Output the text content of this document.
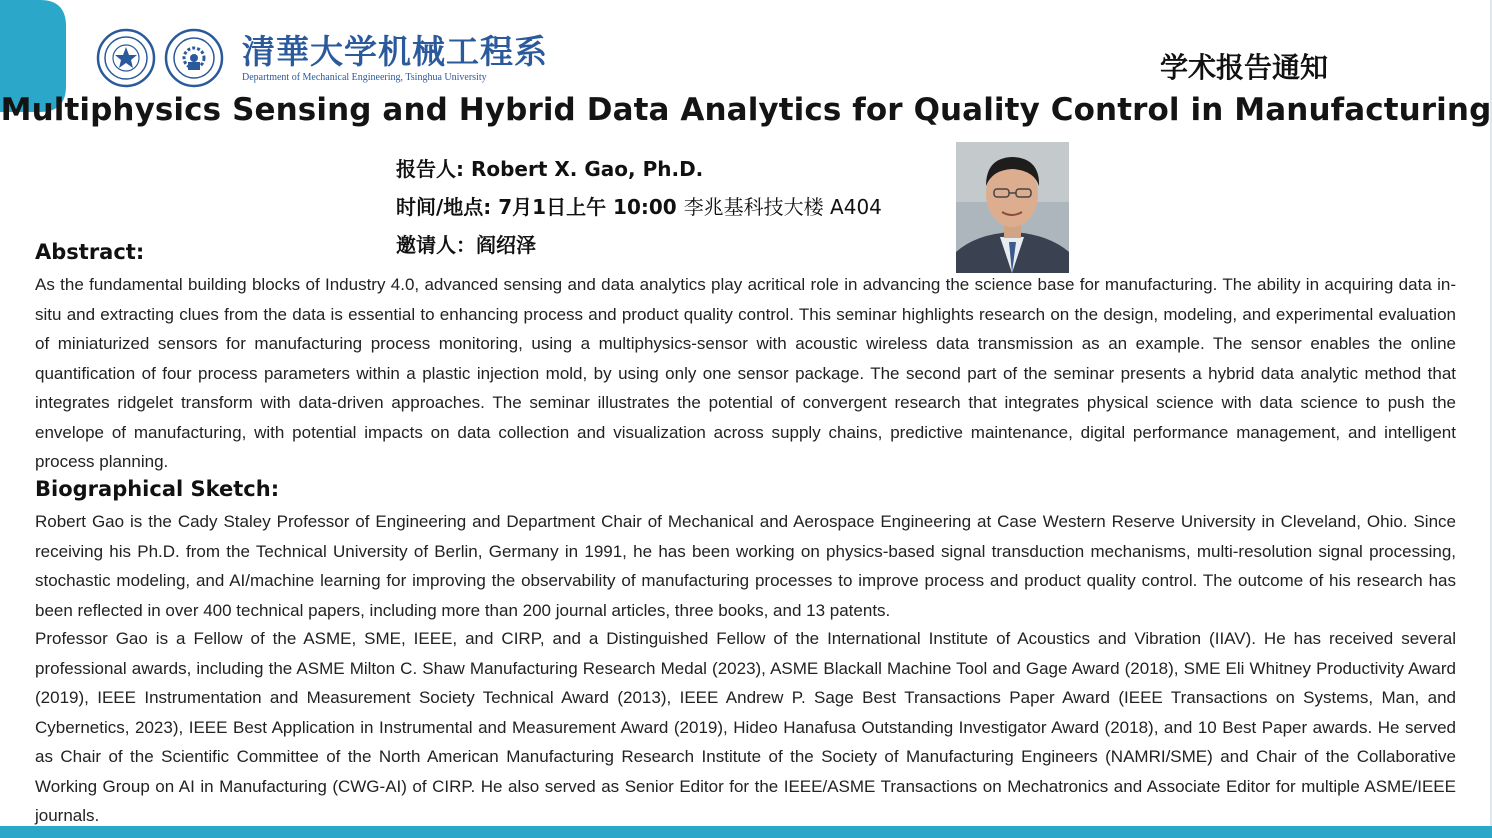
清華大学机械工程系
Department of Mechanical Engineering, Tsinghua University	学术报告通知
Multiphysics Sensing and Hybrid Data Analytics for Quality Control in Manufacturing
报告人: Robert X. Gao, Ph.D.
时间/地点: 7月1日上午 10:00 李兆基科技大楼 A404
邀请人：阎绍泽
Abstract:
As the fundamental building blocks of Industry 4.0, advanced sensing and data analytics play acritical role in advancing the science base for manufacturing. The ability in acquiring data in-situ and extracting clues from the data is essential to enhancing process and product quality control. This seminar highlights research on the design, modeling, and experimental evaluation of miniaturized sensors for manufacturing process monitoring, using a multiphysics-sensor with acoustic wireless data transmission as an example. The sensor enables the online quantification of four process parameters within a plastic injection mold, by using only one sensor package. The second part of the seminar presents a hybrid data analytic method that integrates ridgelet transform with data-driven approaches. The seminar illustrates the potential of convergent research that integrates physical science with data science to push the envelope of manufacturing, with potential impacts on data collection and visualization across supply chains, predictive maintenance, digital performance management, and intelligent process planning.
Biographical Sketch:
Robert Gao is the Cady Staley Professor of Engineering and Department Chair of Mechanical and Aerospace Engineering at Case Western Reserve University in Cleveland, Ohio. Since receiving his Ph.D. from the Technical University of Berlin, Germany in 1991, he has been working on physics-based signal transduction mechanisms, multi-resolution signal processing, stochastic modeling, and AI/machine learning for improving the observability of manufacturing processes to improve process and product quality control. The outcome of his research has been reflected in over 400 technical papers, including more than 200 journal articles, three books, and 13 patents.
Professor Gao is a Fellow of the ASME, SME, IEEE, and CIRP, and a Distinguished Fellow of the International Institute of Acoustics and Vibration (IIAV). He has received several professional awards, including the ASME Milton C. Shaw Manufacturing Research Medal (2023), ASME Blackall Machine Tool and Gage Award (2018), SME Eli Whitney Productivity Award (2019), IEEE Instrumentation and Measurement Society Technical Award (2013), IEEE Andrew P. Sage Best Transactions Paper Award (IEEE Transactions on Systems, Man, and Cybernetics, 2023), IEEE Best Application in Instrumental and Measurement Award (2019), Hideo Hanafusa Outstanding Investigator Award (2018), and 10 Best Paper awards. He served as Chair of the Scientific Committee of the North American Manufacturing Research Institute of the Society of Manufacturing Engineers (NAMRI/SME) and Chair of the Collaborative Working Group on AI in Manufacturing (CWG-AI) of CIRP. He also served as Senior Editor for the IEEE/ASME Transactions on Mechatronics and Associate Editor for multiple ASME/IEEE journals.
